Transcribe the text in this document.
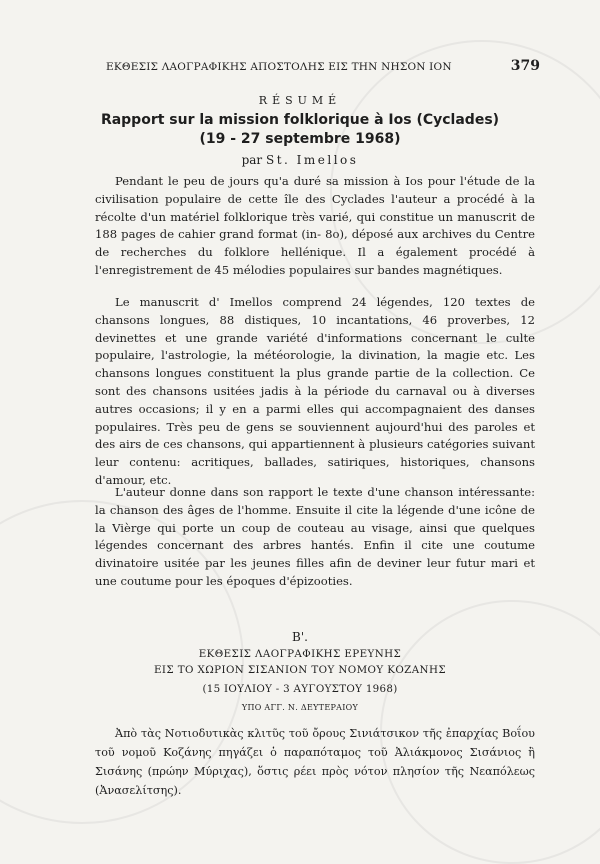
ΕΚΘΕΣΙΣ ΛΑΟΓΡΑΦΙΚΗΣ ΑΠΟΣΤΟΛΗΣ ΕΙΣ ΤΗΝ ΝΗΣΟΝ ΙΟΝ	379
RÉSUMÉ
Rapport sur la mission folklorique à Ios (Cyclades)
(19 - 27 septembre 1968)
par St. Imellos

Pendant le peu de jours qu'a duré sa mission à Ios pour l'étude de la civilisation populaire de cette île des Cyclades l'auteur a procédé à la récolte d'un matériel folklorique très varié, qui constitue un manuscrit de 188 pages de cahier grand format (in- 8o), déposé aux archives du Centre de recherches du folklore hellénique. Il a également procédé à l'enregistrement de 45 mélodies populaires sur bandes magnétiques.

Le manuscrit d' Imellos comprend 24 légendes, 120 textes de chansons longues, 88 distiques, 10 incantations, 46 proverbes, 12 devinettes et une grande variété d'informations concernant le culte populaire, l'astrologie, la météorologie, la divination, la magie etc. Les chansons longues constituent la plus grande partie de la collection. Ce sont des chansons usitées jadis à la période du carnaval ou à diverses autres occasions; il y en a parmi elles qui accompagnaient des danses populaires. Très peu de gens se souviennent aujourd'hui des paroles et des airs de ces chansons, qui appartiennent à plusieurs catégories suivant leur contenu: acritiques, ballades, satiriques, historiques, chansons d'amour, etc.

L'auteur donne dans son rapport le texte d'une chanson intéressante: la chanson des âges de l'homme. Ensuite il cite la légende d'une icône de la Vièrge qui porte un coup de couteau au visage, ainsi que quelques légendes concernant des arbres hantés. Enfin il cite une coutume divinatoire usitée par les jeunes filles afin de deviner leur futur mari et une coutume pour les époques d'épizooties.

Β'.
ΕΚΘΕΣΙΣ ΛΑΟΓΡΑΦΙΚΗΣ ΕΡΕΥΝΗΣ
ΕΙΣ ΤΟ ΧΩΡΙΟΝ ΣΙΣΑΝΙΟΝ ΤΟΥ ΝΟΜΟΥ ΚΟΖΑΝΗΣ
(15 ΙΟΥΛΙΟΥ - 3 ΑΥΓΟΥΣΤΟΥ 1968)
ΥΠΟ ΑΓΓ. Ν. ΔΕΥΤΕΡΑΙΟΥ

Ἀπὸ τὰς Νοτιοδυτικὰς κλιτῦς τοῦ ὄρους Σινιάτσικον τῆς ἐπαρχίας Βοΐου τοῦ νομοῦ Κοζάνης πηγάζει ὁ παραπόταμος τοῦ Ἀλιάκμονος Σισάνιος ἢ Σισάνης (πρώην Μύριχας), ὅστις ρέει πρὸς νότον πλησίον τῆς Νεαπόλεως (Ἀνασελίτσης).
